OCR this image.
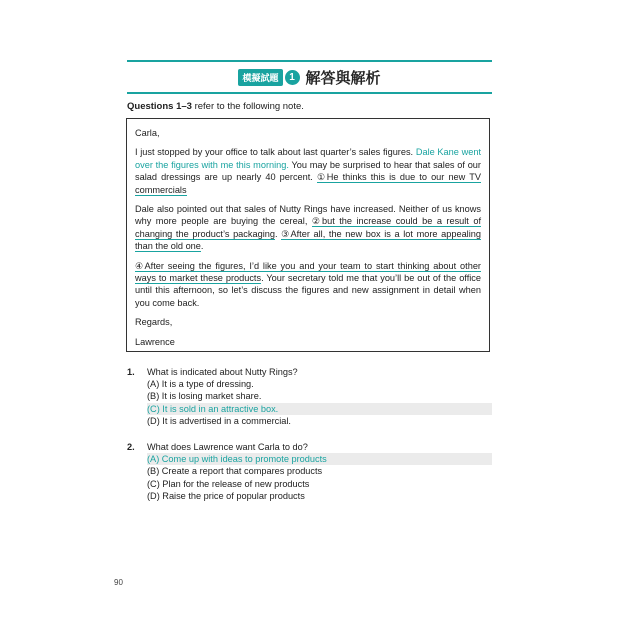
模擬試題 1 解答與解析
Questions 1–3 refer to the following note.

Carla,

I just stopped by your office to talk about last quarter’s sales figures. Dale Kane went over the figures with me this morning. You may be surprised to hear that sales of our salad dressings are up nearly 40 percent. ①He thinks this is due to our new TV commercials

Dale also pointed out that sales of Nutty Rings have increased. Neither of us knows why more people are buying the cereal, ②but the increase could be a result of changing the product’s packaging. ③After all, the new box is a lot more appealing than the old one.

④After seeing the figures, I’d like you and your team to start thinking about other ways to market these products. Your secretary told me that you’ll be out of the office until this afternoon, so let’s discuss the figures and new assignment in detail when you come back.

Regards,

Lawrence

1. What is indicated about Nutty Rings?
(A) It is a type of dressing.
(B) It is losing market share.
(C) It is sold in an attractive box.
(D) It is advertised in a commercial.
2. What does Lawrence want Carla to do?
(A) Come up with ideas to promote products
(B) Create a report that compares products
(C) Plan for the release of new products
(D) Raise the price of popular products
90
